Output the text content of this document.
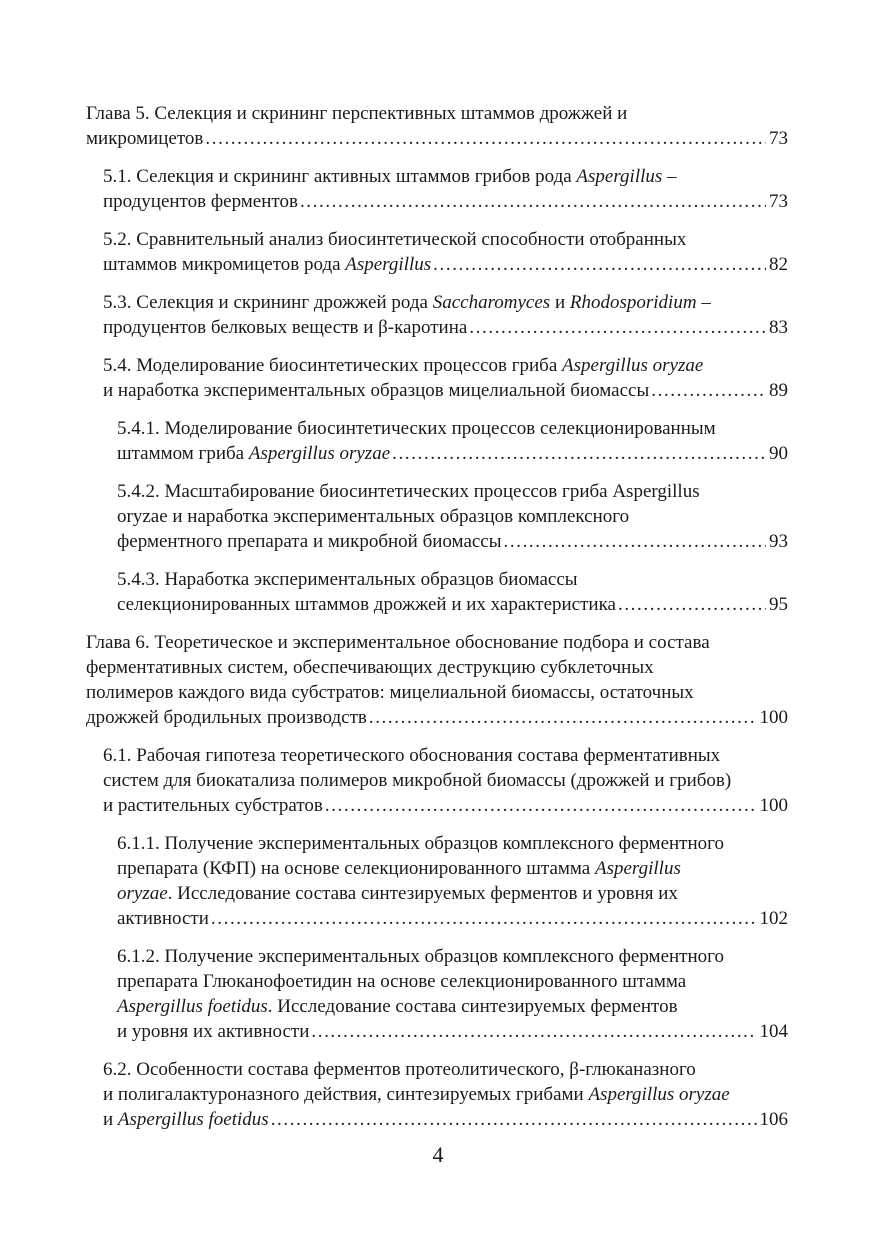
Глава 5. Селекция и скрининг перспективных штаммов дрожжей и
микромицетов .....	73
5.1. Селекция и скрининг активных штаммов грибов рода Aspergillus –
продуцентов ферментов .....	73
5.2. Сравнительный анализ биосинтетической способности отобранных
штаммов микромицетов рода Aspergillus .....	82
5.3. Селекция и скрининг дрожжей рода Saccharomyces и Rhodosporidium –
продуцентов белковых веществ и β-каротина .....	83
5.4. Моделирование биосинтетических процессов гриба Aspergillus oryzae
и наработка экспериментальных образцов мицелиальной биомассы .....	89
5.4.1. Моделирование биосинтетических процессов селекционированным
штаммом гриба Aspergillus oryzae .....	90
5.4.2. Масштабирование биосинтетических процессов гриба Aspergillus
oryzae и наработка экспериментальных образцов комплексного
ферментного препарата и микробной биомассы .....	93
5.4.3. Наработка экспериментальных образцов биомассы
селекционированных штаммов дрожжей и их характеристика .....	95
Глава 6. Теоретическое и экспериментальное обоснование подбора и состава
ферментативных систем, обеспечивающих деструкцию субклеточных
полимеров каждого вида субстратов: мицелиальной биомассы, остаточных
дрожжей бродильных производств .....	100
6.1. Рабочая гипотеза теоретического обоснования состава ферментативных
систем для биокатализа полимеров микробной биомассы (дрожжей и грибов)
и растительных субстратов .....	100
6.1.1. Получение экспериментальных образцов комплексного ферментного
препарата (КФП) на основе селекционированного штамма Aspergillus
oryzae. Исследование состава синтезируемых ферментов и уровня их
активности .....	102
6.1.2. Получение экспериментальных образцов комплексного ферментного
препарата Глюканофоетидин на основе селекционированного штамма
Aspergillus foetidus. Исследование состава синтезируемых ферментов
и уровня их активности .....	104
6.2. Особенности состава ферментов протеолитического, β-глюканазного
и полигалактуроназного действия, синтезируемых грибами Aspergillus oryzae
и Aspergillus foetidus .....	106
4
